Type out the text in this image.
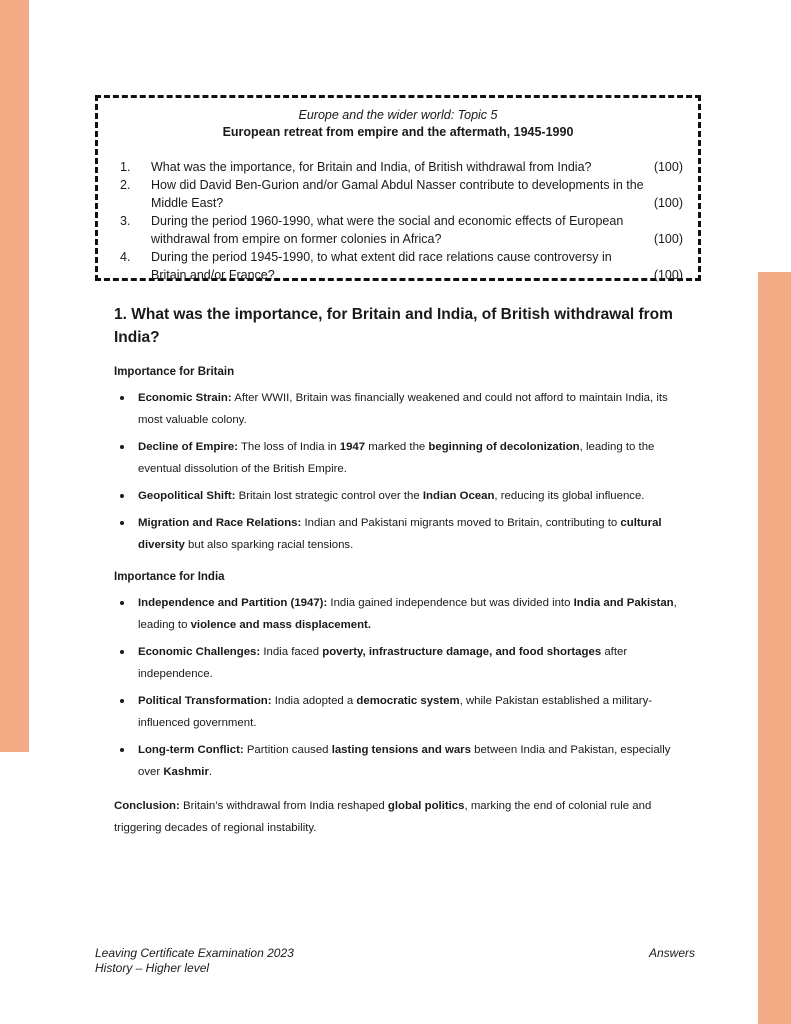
Europe and the wider world: Topic 5
European retreat from empire and the aftermath, 1945-1990
1. What was the importance, for Britain and India, of British withdrawal from India?	(100)
2. How did David Ben-Gurion and/or Gamal Abdul Nasser contribute to developments in the Middle East?	(100)
3. During the period 1960-1990, what were the social and economic effects of European withdrawal from empire on former colonies in Africa?	(100)
4. During the period 1945-1990, to what extent did race relations cause controversy in Britain and/or France?	(100)
1. What was the importance, for Britain and India, of British withdrawal from India?
Importance for Britain
Economic Strain: After WWII, Britain was financially weakened and could not afford to maintain India, its most valuable colony.
Decline of Empire: The loss of India in 1947 marked the beginning of decolonization, leading to the eventual dissolution of the British Empire.
Geopolitical Shift: Britain lost strategic control over the Indian Ocean, reducing its global influence.
Migration and Race Relations: Indian and Pakistani migrants moved to Britain, contributing to cultural diversity but also sparking racial tensions.
Importance for India
Independence and Partition (1947): India gained independence but was divided into India and Pakistan, leading to violence and mass displacement.
Economic Challenges: India faced poverty, infrastructure damage, and food shortages after independence.
Political Transformation: India adopted a democratic system, while Pakistan established a military-influenced government.
Long-term Conflict: Partition caused lasting tensions and wars between India and Pakistan, especially over Kashmir.

Conclusion: Britain’s withdrawal from India reshaped global politics, marking the end of colonial rule and triggering decades of regional instability.

Leaving Certificate Examination 2023
History – Higher level
Answers
